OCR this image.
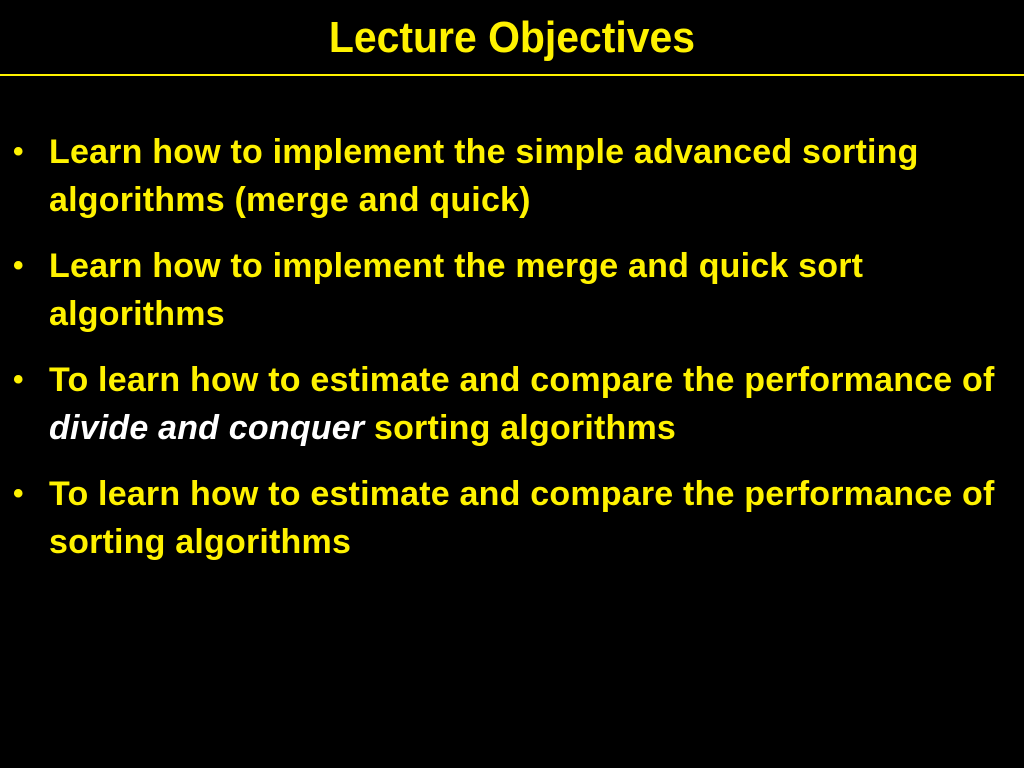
Lecture Objectives
• Learn how to implement the simple advanced sorting algorithms (merge and quick)
• Learn how to implement the merge and quick sort algorithms
• To learn how to estimate and compare the performance of divide and conquer sorting algorithms
• To learn how to estimate and compare the performance of sorting algorithms
